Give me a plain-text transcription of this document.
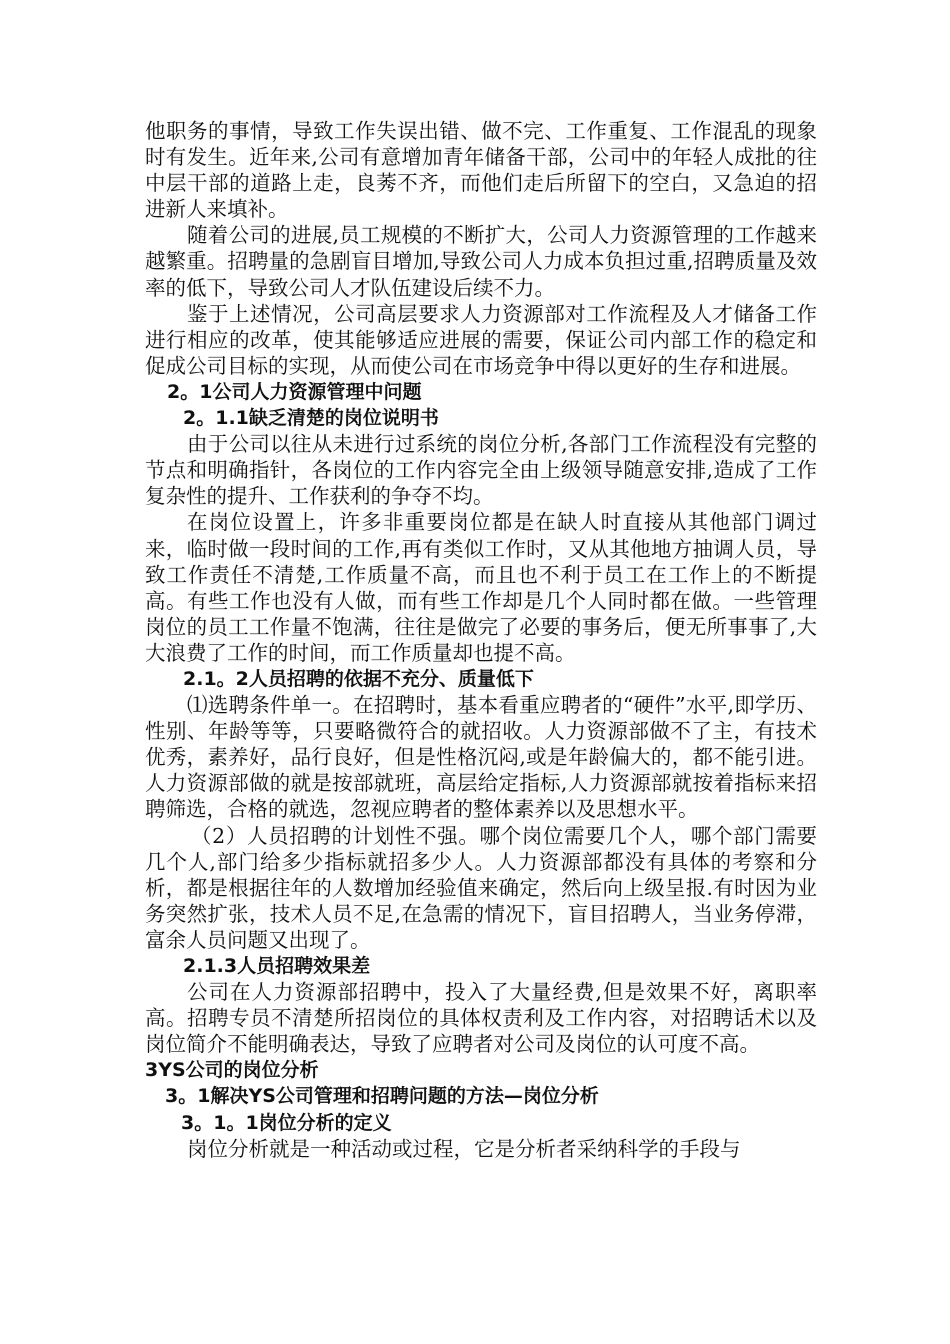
他职务的事情，导致工作失误出错、做不完、工作重复、工作混乱的现象时有发生。近年来,公司有意增加青年储备干部，公司中的年轻人成批的往中层干部的道路上走，良莠不齐，而他们走后所留下的空白，又急迫的招进新人来填补。

随着公司的进展,员工规模的不断扩大，公司人力资源管理的工作越来越繁重。招聘量的急剧盲目增加,导致公司人力成本负担过重,招聘质量及效率的低下，导致公司人才队伍建设后续不力。

鉴于上述情况，公司高层要求人力资源部对工作流程及人才储备工作进行相应的改革，使其能够适应进展的需要，保证公司内部工作的稳定和促成公司目标的实现，从而使公司在市场竞争中得以更好的生存和进展。

2。1公司人力资源管理中问题

2。1.1缺乏清楚的岗位说明书

由于公司以往从未进行过系统的岗位分析,各部门工作流程没有完整的节点和明确指针，各岗位的工作内容完全由上级领导随意安排,造成了工作复杂性的提升、工作获利的争夺不均。

在岗位设置上，许多非重要岗位都是在缺人时直接从其他部门调过来，临时做一段时间的工作,再有类似工作时，又从其他地方抽调人员，导致工作责任不清楚,工作质量不高，而且也不利于员工在工作上的不断提高。有些工作也没有人做，而有些工作却是几个人同时都在做。一些管理岗位的员工工作量不饱满，往往是做完了必要的事务后，便无所事事了,大大浪费了工作的时间，而工作质量却也提不高。

2.1。2人员招聘的依据不充分、质量低下

⑴选聘条件单一。在招聘时，基本看重应聘者的“硬件”水平,即学历、性别、年龄等等，只要略微符合的就招收。人力资源部做不了主，有技术优秀，素养好，品行良好，但是性格沉闷,或是年龄偏大的，都不能引进。人力资源部做的就是按部就班，高层给定指标,人力资源部就按着指标来招聘筛选，合格的就选，忽视应聘者的整体素养以及思想水平。

（2）人员招聘的计划性不强。哪个岗位需要几个人，哪个部门需要几个人,部门给多少指标就招多少人。人力资源部都没有具体的考察和分析，都是根据往年的人数增加经验值来确定，然后向上级呈报.有时因为业务突然扩张，技术人员不足,在急需的情况下，盲目招聘人，当业务停滞，富余人员问题又出现了。

2.1.3人员招聘效果差

公司在人力资源部招聘中，投入了大量经费,但是效果不好，离职率高。招聘专员不清楚所招岗位的具体权责利及工作内容，对招聘话术以及岗位简介不能明确表达，导致了应聘者对公司及岗位的认可度不高。

3YS公司的岗位分析

3。1解决YS公司管理和招聘问题的方法—岗位分析

3。1。1岗位分析的定义

岗位分析就是一种活动或过程，它是分析者采纳科学的手段与
